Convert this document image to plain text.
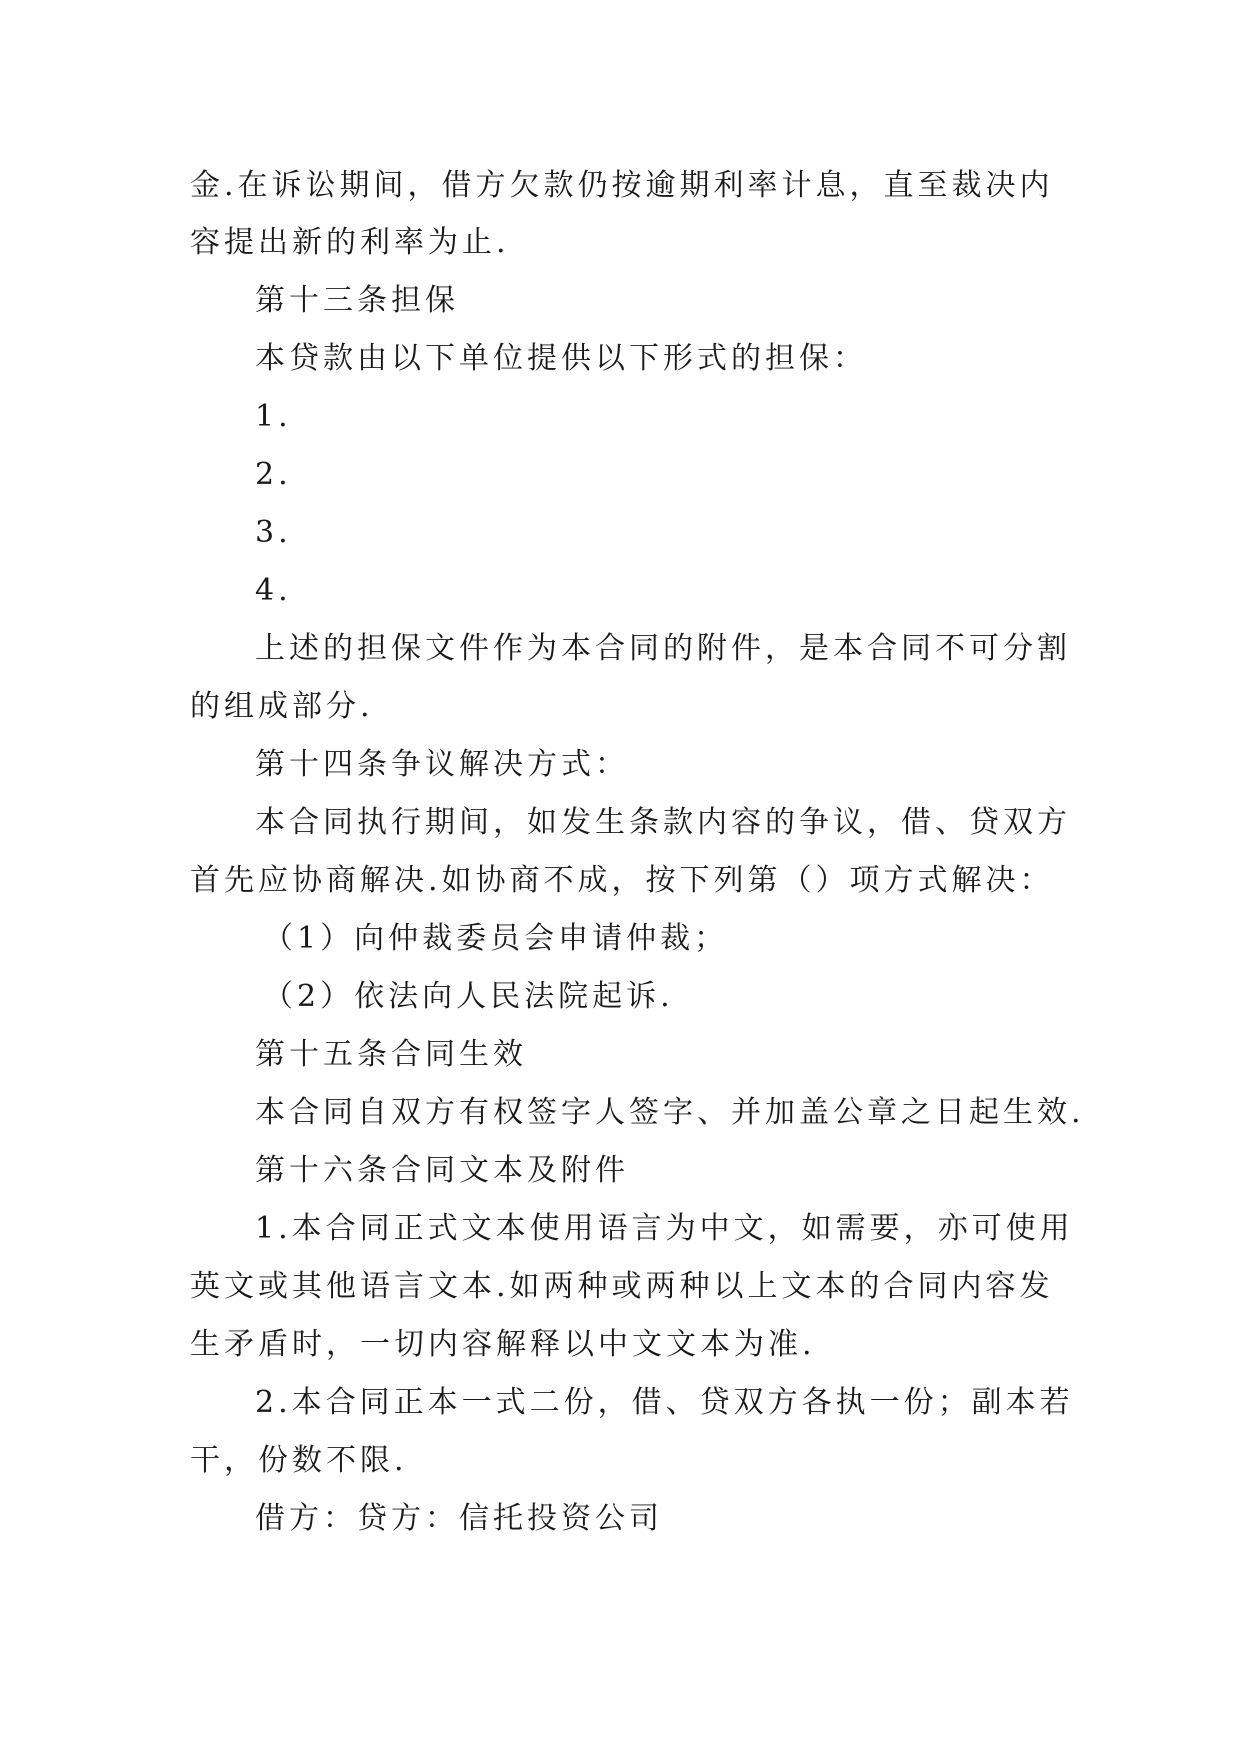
金.在诉讼期间，借方欠款仍按逾期利率计息，直至裁决内
容提出新的利率为止.
第十三条担保
本贷款由以下单位提供以下形式的担保：
1.
2.
3.
4.
上述的担保文件作为本合同的附件，是本合同不可分割
的组成部分.
第十四条争议解决方式：
本合同执行期间，如发生条款内容的争议，借、贷双方
首先应协商解决.如协商不成，按下列第（）项方式解决：
（1）向仲裁委员会申请仲裁；
（2）依法向人民法院起诉.
第十五条合同生效
本合同自双方有权签字人签字、并加盖公章之日起生效.
第十六条合同文本及附件
1.本合同正式文本使用语言为中文，如需要，亦可使用
英文或其他语言文本.如两种或两种以上文本的合同内容发
生矛盾时，一切内容解释以中文文本为准.
2.本合同正本一式二份，借、贷双方各执一份；副本若
干，份数不限.
借方：贷方：信托投资公司
